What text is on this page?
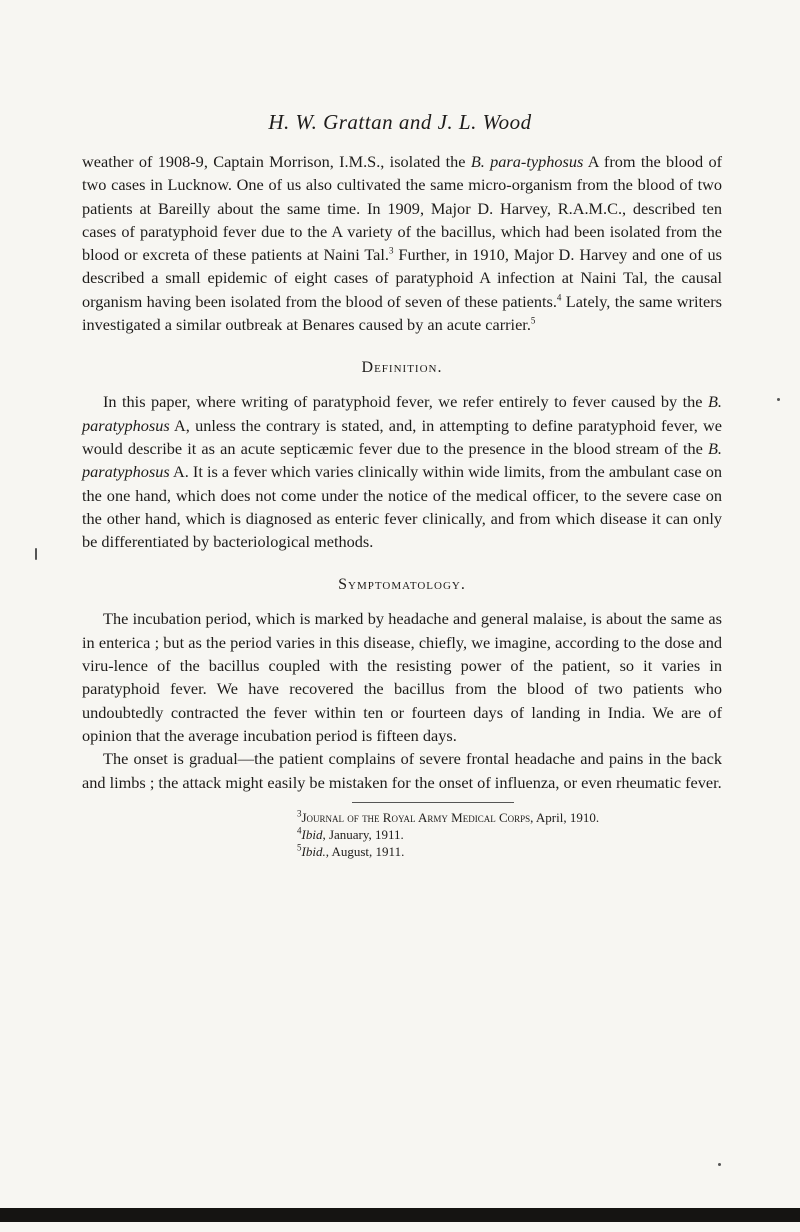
H. W. Grattan and J. L. Wood

weather of 1908-9, Captain Morrison, I.M.S., isolated the B. para-typhosus A from the blood of two cases in Lucknow. One of us also cultivated the same micro-organism from the blood of two patients at Bareilly about the same time. In 1909, Major D. Harvey, R.A.M.C., described ten cases of paratyphoid fever due to the A variety of the bacillus, which had been isolated from the blood or excreta of these patients at Naini Tal.$^3$ Further, in 1910, Major D. Harvey and one of us described a small epidemic of eight cases of paratyphoid A infection at Naini Tal, the causal organism having been isolated from the blood of seven of these patients.$^4$ Lately, the same writers investigated a similar outbreak at Benares caused by an acute carrier.$^5$

Definition.

In this paper, where writing of paratyphoid fever, we refer entirely to fever caused by the B. paratyphosus A, unless the contrary is stated, and, in attempting to define paratyphoid fever, we would describe it as an acute septicæmic fever due to the presence in the blood stream of the B. paratyphosus A. It is a fever which varies clinically within wide limits, from the ambulant case on the one hand, which does not come under the notice of the medical officer, to the severe case on the other hand, which is diagnosed as enteric fever clinically, and from which disease it can only be differentiated by bacteriological methods.

Symptomatology.

The incubation period, which is marked by headache and general malaise, is about the same as in enterica ; but as the period varies in this disease, chiefly, we imagine, according to the dose and viru-lence of the bacillus coupled with the resisting power of the patient, so it varies in paratyphoid fever. We have recovered the bacillus from the blood of two patients who undoubtedly contracted the fever within ten or fourteen days of landing in India. We are of opinion that the average incubation period is fifteen days.

The onset is gradual—the patient complains of severe frontal headache and pains in the back and limbs ; the attack might easily be mistaken for the onset of influenza, or even rheumatic fever.

$^3$Journal of the Royal Army Medical Corps, April, 1910.

$^4$Ibid, January, 1911.

$^5$Ibid., August, 1911.
